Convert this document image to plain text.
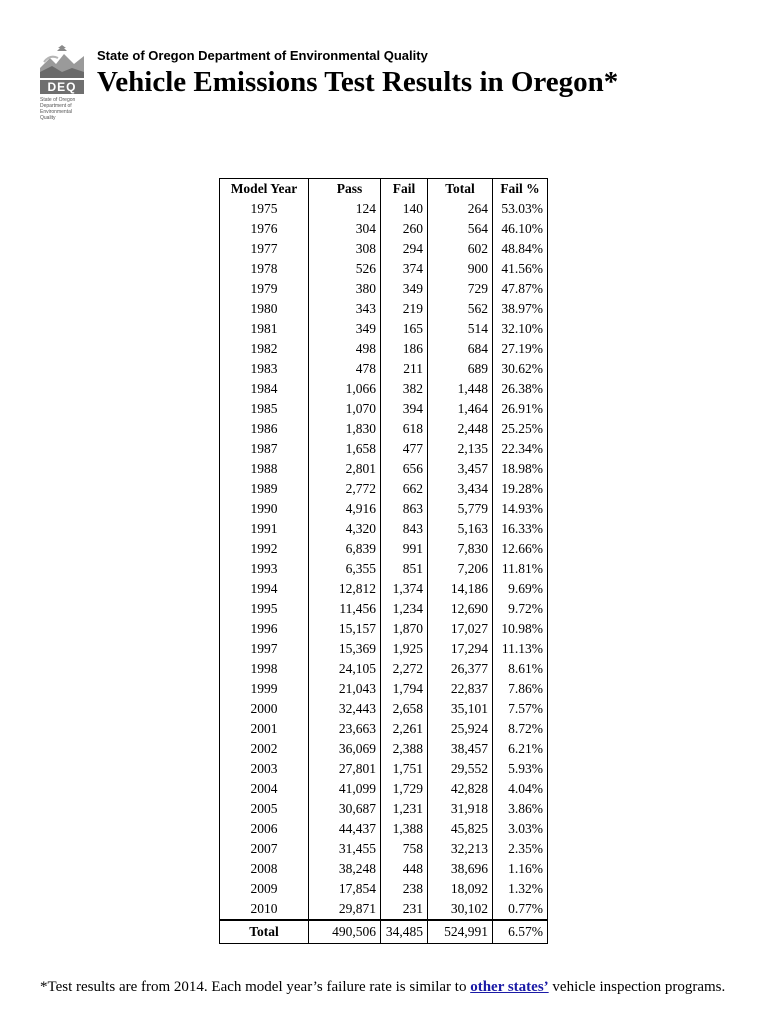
DEQ
State of Oregon
Department of
Environmental
Quality
State of Oregon Department of Environmental Quality
Vehicle Emissions Test Results in Oregon*
Model Year	Pass	Fail	Total	Fail %
1975	124	140	264	53.03%
1976	304	260	564	46.10%
1977	308	294	602	48.84%
1978	526	374	900	41.56%
1979	380	349	729	47.87%
1980	343	219	562	38.97%
1981	349	165	514	32.10%
1982	498	186	684	27.19%
1983	478	211	689	30.62%
1984	1,066	382	1,448	26.38%
1985	1,070	394	1,464	26.91%
1986	1,830	618	2,448	25.25%
1987	1,658	477	2,135	22.34%
1988	2,801	656	3,457	18.98%
1989	2,772	662	3,434	19.28%
1990	4,916	863	5,779	14.93%
1991	4,320	843	5,163	16.33%
1992	6,839	991	7,830	12.66%
1993	6,355	851	7,206	11.81%
1994	12,812	1,374	14,186	9.69%
1995	11,456	1,234	12,690	9.72%
1996	15,157	1,870	17,027	10.98%
1997	15,369	1,925	17,294	11.13%
1998	24,105	2,272	26,377	8.61%
1999	21,043	1,794	22,837	7.86%
2000	32,443	2,658	35,101	7.57%
2001	23,663	2,261	25,924	8.72%
2002	36,069	2,388	38,457	6.21%
2003	27,801	1,751	29,552	5.93%
2004	41,099	1,729	42,828	4.04%
2005	30,687	1,231	31,918	3.86%
2006	44,437	1,388	45,825	3.03%
2007	31,455	758	32,213	2.35%
2008	38,248	448	38,696	1.16%
2009	17,854	238	18,092	1.32%
2010	29,871	231	30,102	0.77%
Total	490,506	34,485	524,991	6.57%
*Test results are from 2014. Each model year’s failure rate is similar to other states’ vehicle inspection programs.
